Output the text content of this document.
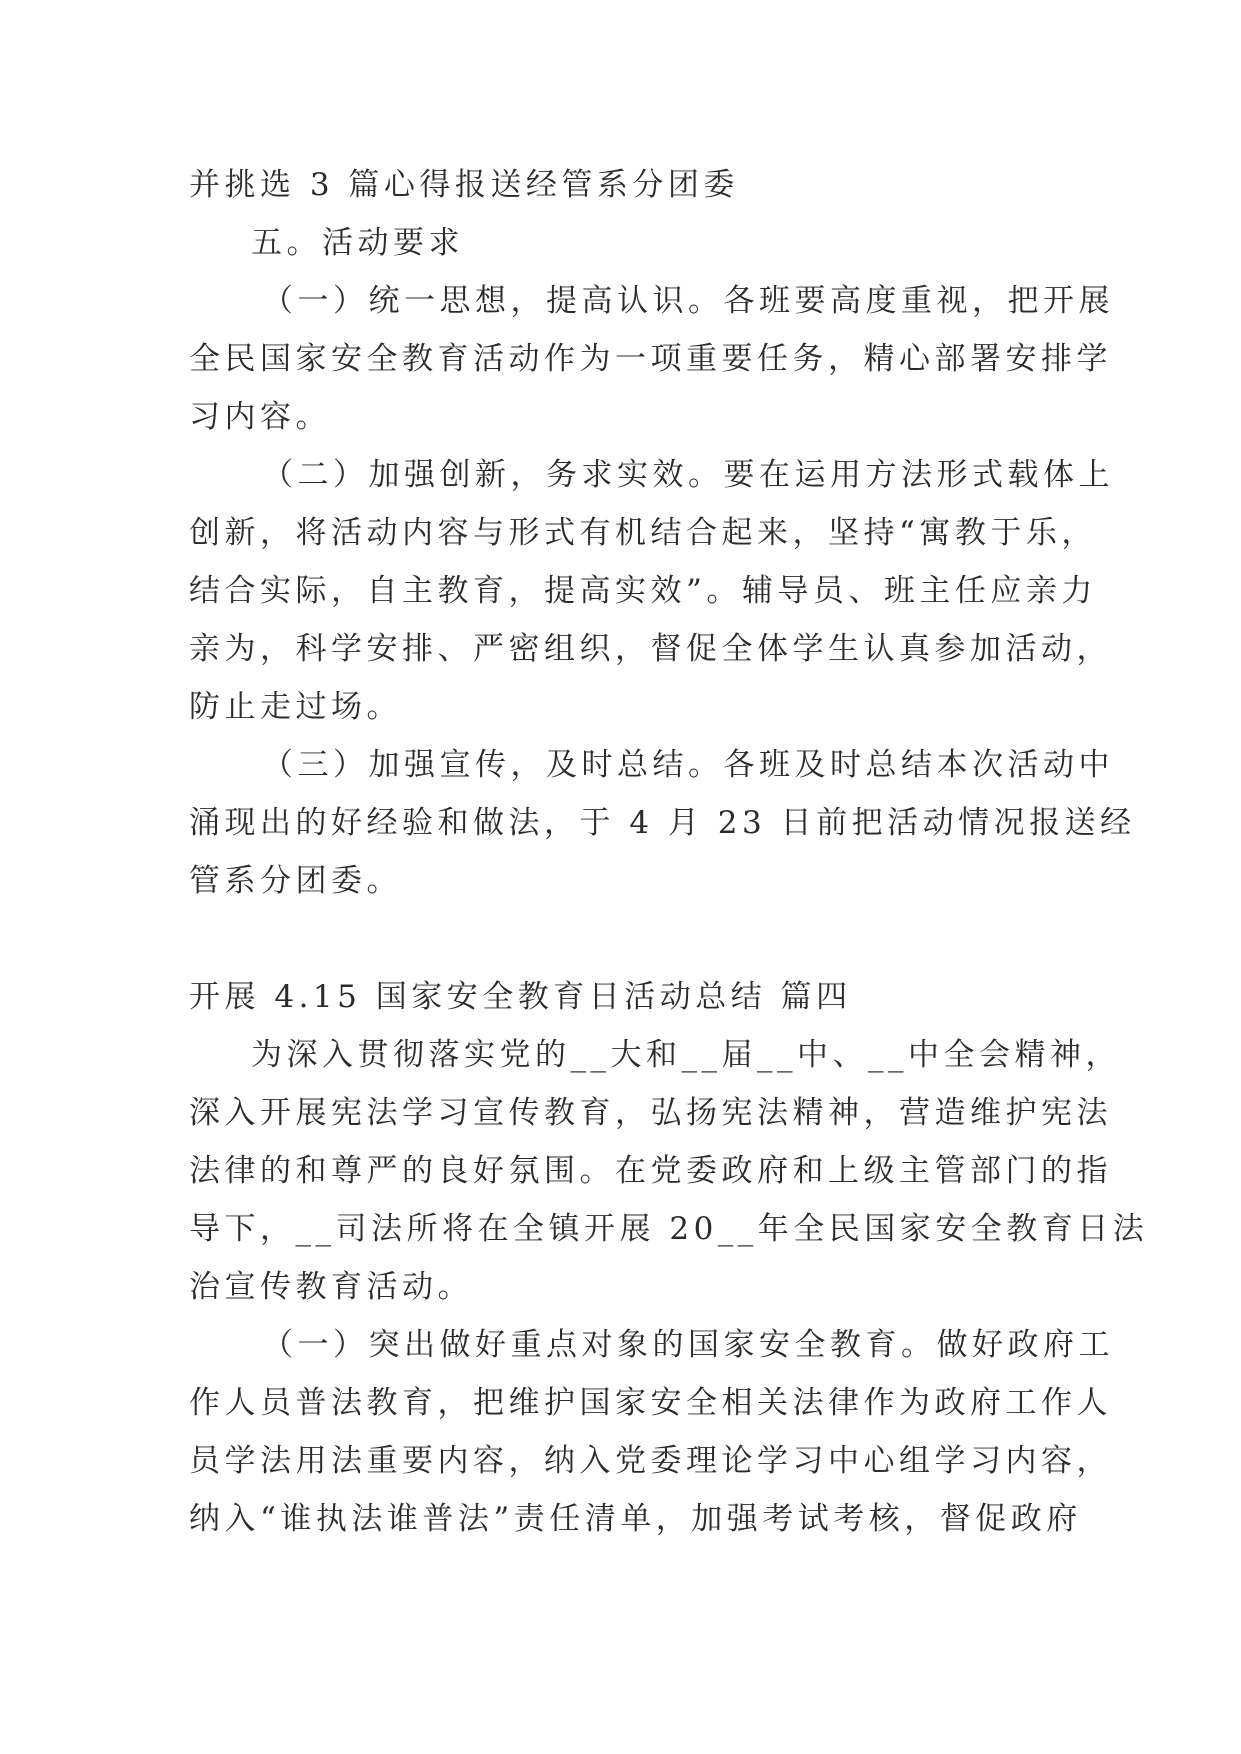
并挑选 3 篇心得报送经管系分团委
五。活动要求
（一）统一思想，提高认识。各班要高度重视，把开展
全民国家安全教育活动作为一项重要任务，精心部署安排学
习内容。
（二）加强创新，务求实效。要在运用方法形式载体上
创新，将活动内容与形式有机结合起来，坚持“寓教于乐，
结合实际，自主教育，提高实效”。辅导员、班主任应亲力
亲为，科学安排、严密组织，督促全体学生认真参加活动，
防止走过场。
（三）加强宣传，及时总结。各班及时总结本次活动中
涌现出的好经验和做法，于 4 月 23 日前把活动情况报送经
管系分团委。
开展 4.15 国家安全教育日活动总结 篇四
为深入贯彻落实党的__大和__届__中、__中全会精神，
深入开展宪法学习宣传教育，弘扬宪法精神，营造维护宪法
法律的和尊严的良好氛围。在党委政府和上级主管部门的指
导下，__司法所将在全镇开展 20__年全民国家安全教育日法
治宣传教育活动。
（一）突出做好重点对象的国家安全教育。做好政府工
作人员普法教育，把维护国家安全相关法律作为政府工作人
员学法用法重要内容，纳入党委理论学习中心组学习内容，
纳入“谁执法谁普法”责任清单，加强考试考核，督促政府
